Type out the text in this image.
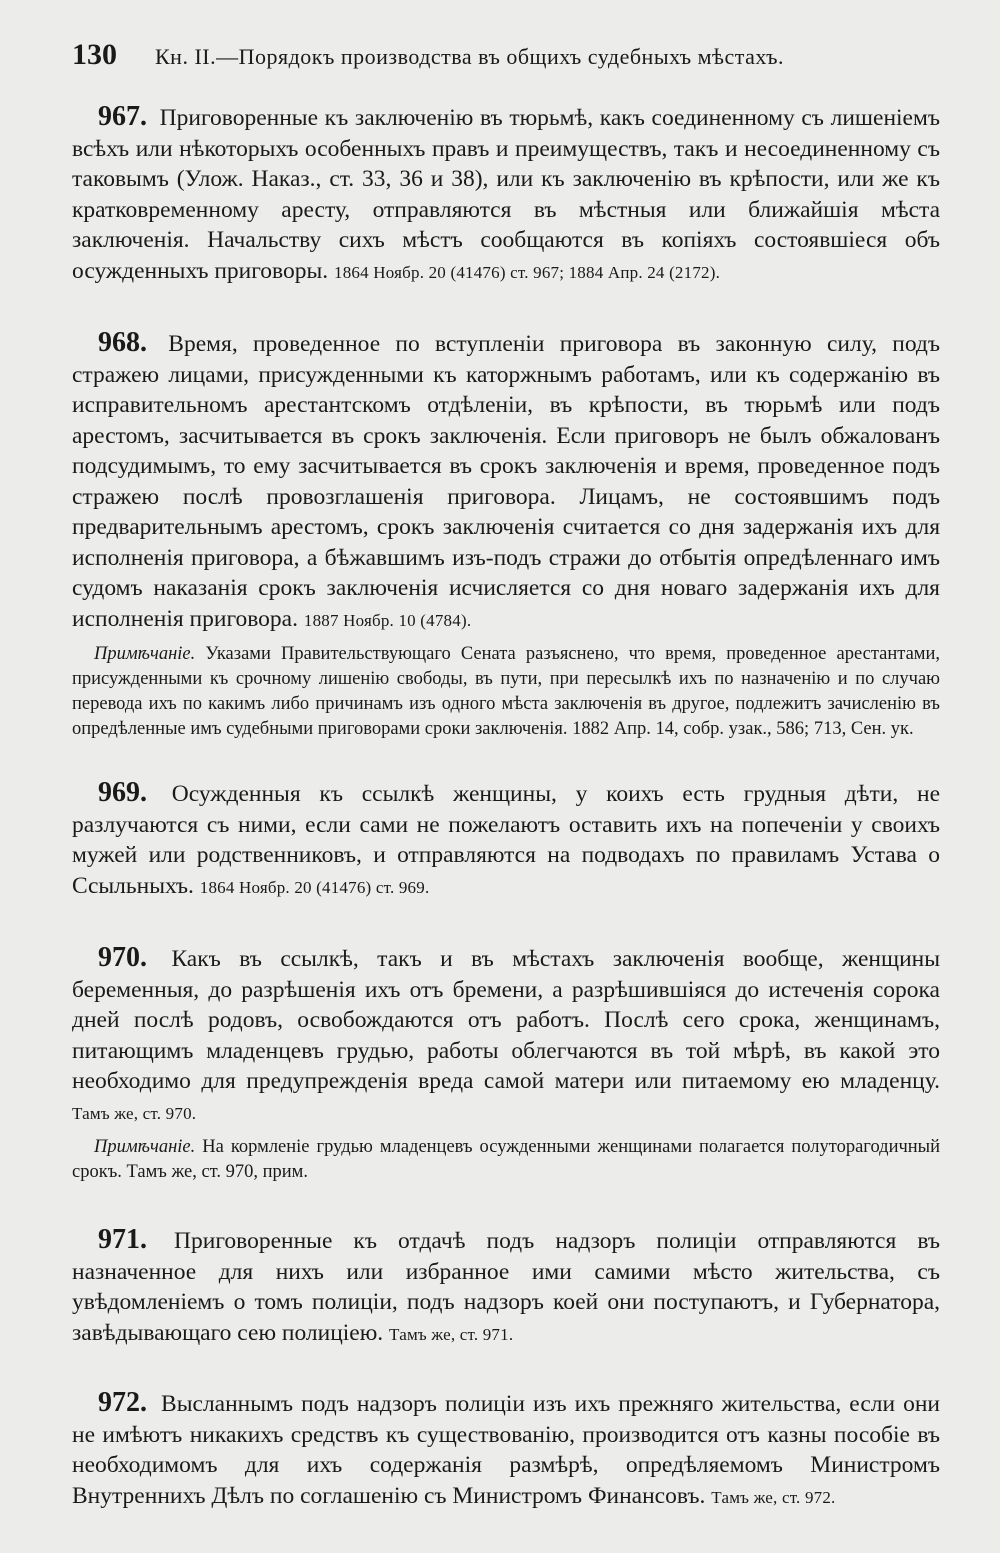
130 Кн. II.—Порядокъ производства въ общихъ судебныхъ мѣстахъ.

967. Приговоренные къ заключенію въ тюрьмѣ, какъ соединенному съ лишеніемъ всѣхъ или нѣкоторыхъ особенныхъ правъ и преимуществъ, такъ и несоединенному съ таковымъ (Улож. Наказ., ст. 33, 36 и 38), или къ заключенію въ крѣпости, или же къ кратковременному аресту, отправляются въ мѣстныя или ближайшія мѣста заключенія. Начальству сихъ мѣстъ сообщаются въ копіяхъ состоявшіеся объ осужденныхъ приговоры. 1864 Ноябр. 20 (41476) ст. 967; 1884 Апр. 24 (2172).

968. Время, проведенное по вступленіи приговора въ законную силу, подъ стражею лицами, присужденными къ каторжнымъ работамъ, или къ содержанію въ исправительномъ арестантскомъ отдѣленіи, въ крѣпости, въ тюрьмѣ или подъ арестомъ, засчитывается въ срокъ заключенія. Если приговоръ не былъ обжалованъ подсудимымъ, то ему засчитывается въ срокъ заключенія и время, проведенное подъ стражею послѣ провозглашенія приговора. Лицамъ, не состоявшимъ подъ предварительнымъ арестомъ, срокъ заключенія считается со дня задержанія ихъ для исполненія приговора, а бѣжавшимъ изъ-подъ стражи до отбытія опредѣленнаго имъ судомъ наказанія срокъ заключенія исчисляется со дня новаго задержанія ихъ для исполненія приговора. 1887 Ноябр. 10 (4784).

Примѣчаніе. Указами Правительствующаго Сената разъяснено, что время, проведенное арестантами, присужденными къ срочному лишенію свободы, въ пути, при пересылкѣ ихъ по назначенію и по случаю перевода ихъ по какимъ либо причинамъ изъ одного мѣста заключенія въ другое, подлежитъ зачисленію въ опредѣленные имъ судебными приговорами сроки заключенія. 1882 Апр. 14, собр. узак., 586; 713, Сен. ук.

969. Осужденныя къ ссылкѣ женщины, у коихъ есть грудныя дѣти, не разлучаются съ ними, если сами не пожелаютъ оставить ихъ на попеченіи у своихъ мужей или родственниковъ, и отправляются на подводахъ по правиламъ Устава о Ссыльныхъ. 1864 Ноябр. 20 (41476) ст. 969.

970. Какъ въ ссылкѣ, такъ и въ мѣстахъ заключенія вообще, женщины беременныя, до разрѣшенія ихъ отъ бремени, а разрѣшившіяся до истеченія сорока дней послѣ родовъ, освобождаются отъ работъ. Послѣ сего срока, женщинамъ, питающимъ младенцевъ грудью, работы облегчаются въ той мѣрѣ, въ какой это необходимо для предупрежденія вреда самой матери или питаемому ею младенцу. Тамъ же, ст. 970.

Примѣчаніе. На кормленіе грудью младенцевъ осужденными женщинами полагается полуторагодичный срокъ. Тамъ же, ст. 970, прим.

971. Приговоренные къ отдачѣ подъ надзоръ полиціи отправляются въ назначенное для нихъ или избранное ими самими мѣсто жительства, съ увѣдомленіемъ о томъ полиціи, подъ надзоръ коей они поступаютъ, и Губернатора, завѣдывающаго сею полиціею. Тамъ же, ст. 971.

972. Высланнымъ подъ надзоръ полиціи изъ ихъ прежняго жительства, если они не имѣютъ никакихъ средствъ къ существованію, производится отъ казны пособіе въ необходимомъ для ихъ содержанія размѣрѣ, опредѣляемомъ Министромъ Внутреннихъ Дѣлъ по соглашенію съ Министромъ Финансовъ. Тамъ же, ст. 972.
